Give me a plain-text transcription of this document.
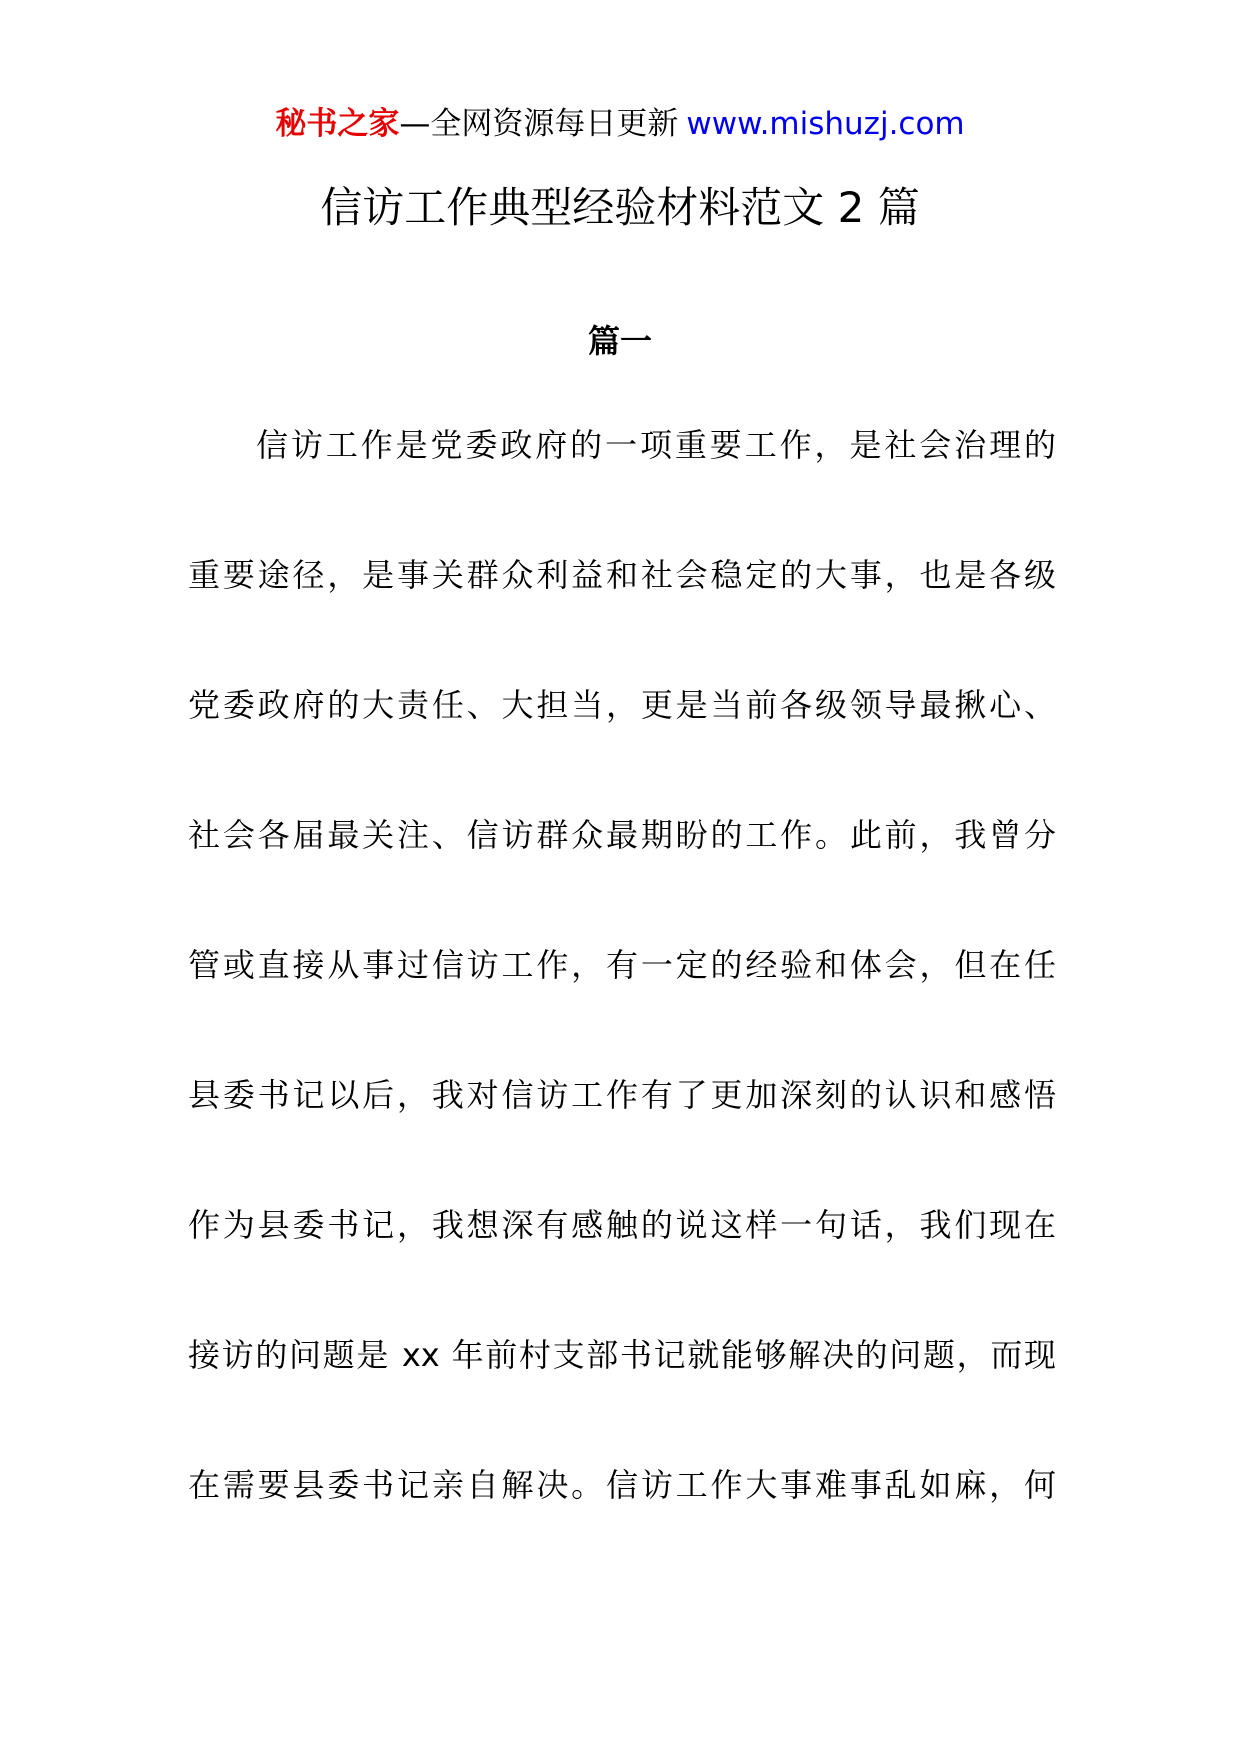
秘书之家—全网资源每日更新 www.mishuzj.com
信访工作典型经验材料范文 2 篇
篇一
信访工作是党委政府的一项重要工作，是社会治理的
重要途径，是事关群众利益和社会稳定的大事，也是各级
党委政府的大责任、大担当，更是当前各级领导最揪心、
社会各届最关注、信访群众最期盼的工作。此前，我曾分
管或直接从事过信访工作，有一定的经验和体会，但在任
县委书记以后，我对信访工作有了更加深刻的认识和感悟
作为县委书记，我想深有感触的说这样一句话，我们现在
接访的问题是 xx 年前村支部书记就能够解决的问题，而现
在需要县委书记亲自解决。信访工作大事难事乱如麻，何
